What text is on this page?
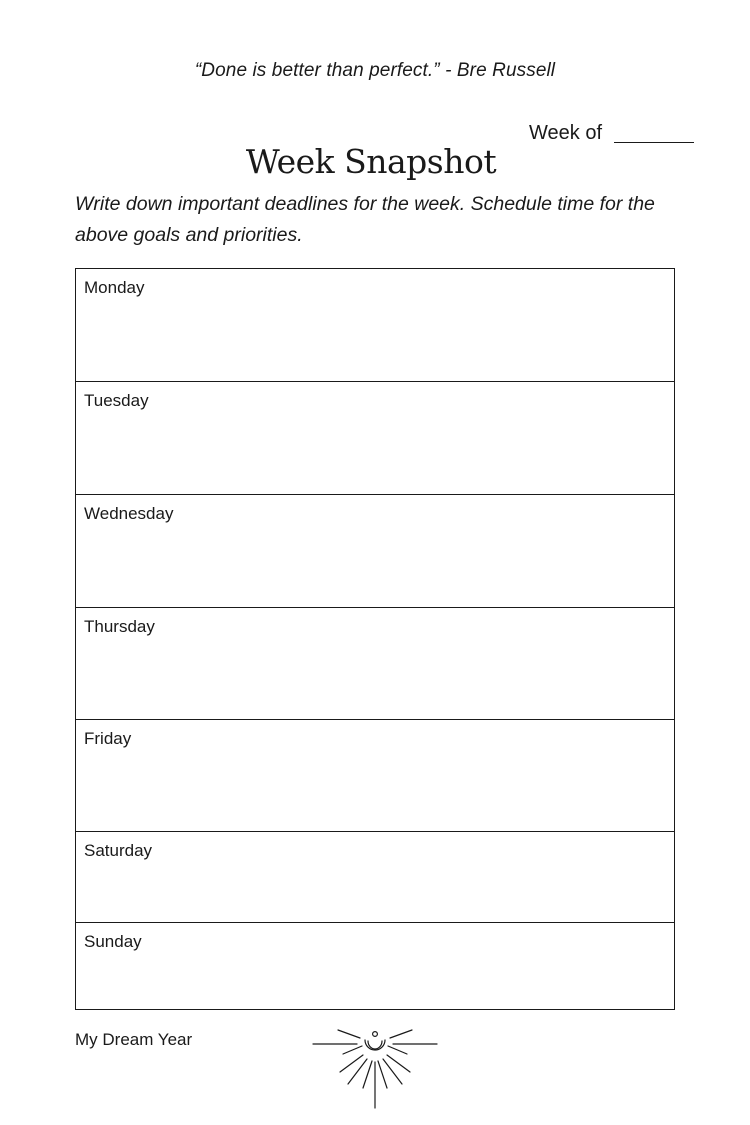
“Done is better than perfect.” - Bre Russell
Week of
Week Snapshot
Write down important deadlines for the week. Schedule time for the above goals and priorities.
Monday
Tuesday
Wednesday
Thursday
Friday
Saturday
Sunday
My Dream Year
